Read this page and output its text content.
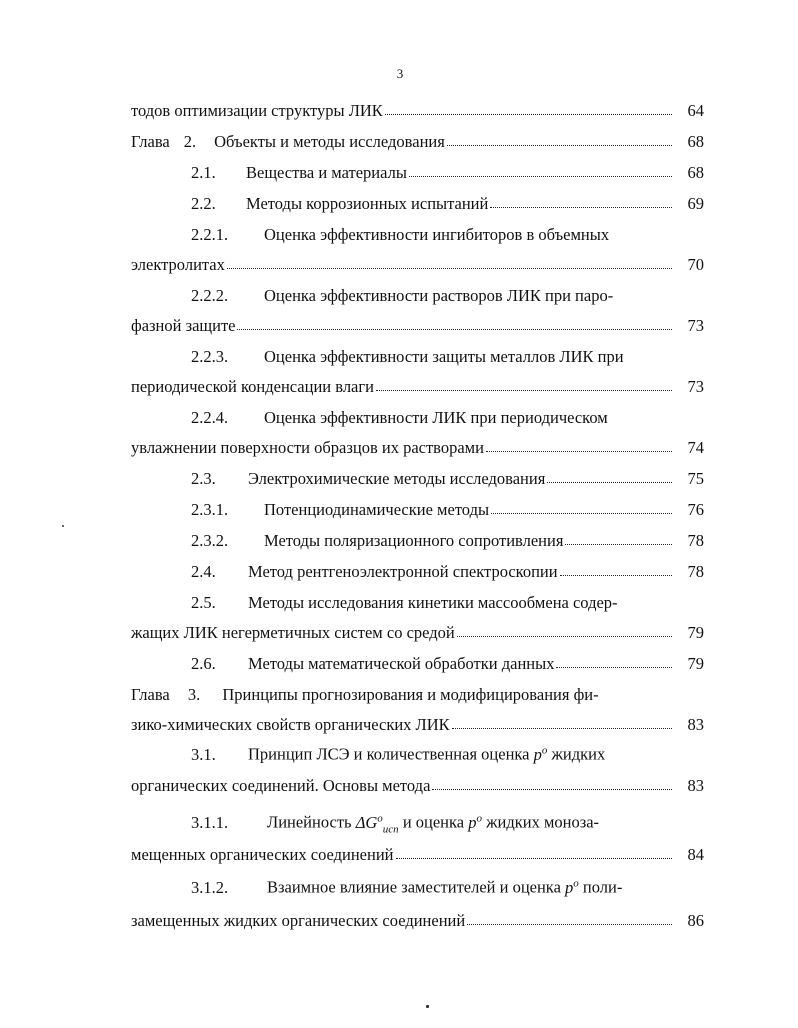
3
тодов оптимизации структуры ЛИК	64
Глава 2. Объекты и методы исследования	68
2.1.	Вещества и материалы	68
2.2.	Методы коррозионных испытаний	69
2.2.1. Оценка эффективности ингибиторов в объемных
электролитах	70
2.2.2. Оценка эффективности растворов ЛИК при паро-
фазной защите	73
2.2.3. Оценка эффективности защиты металлов ЛИК при
периодической конденсации влаги	73
2.2.4. Оценка эффективности ЛИК при периодическом
увлажнении поверхности образцов их растворами	74
2.3.	Электрохимические методы исследования	75
2.3.1.	Потенциодинамические методы	76
2.3.2.	Методы поляризационного сопротивления	78
2.4.	Метод рентгеноэлектронной спектроскопии	78
2.5. Методы исследования кинетики массообмена содер-
жащих ЛИК негерметичных систем со средой	79
2.6.	Методы математической обработки данных	79
Глава 3. Принципы прогнозирования и модифицирования фи-
зико-химических свойств органических ЛИК	83
3.1. Принцип ЛСЭ и количественная оценка $p^o$ жидких
органических соединений. Основы метода	83
3.1.1. Линейность $\Delta G^o_{исп}$ и оценка $p^o$ жидких моноза-
мещенных органических соединений	84
3.1.2. Взаимное влияние заместителей и оценка $p^o$ поли-
замещенных жидких органических соединений	86
